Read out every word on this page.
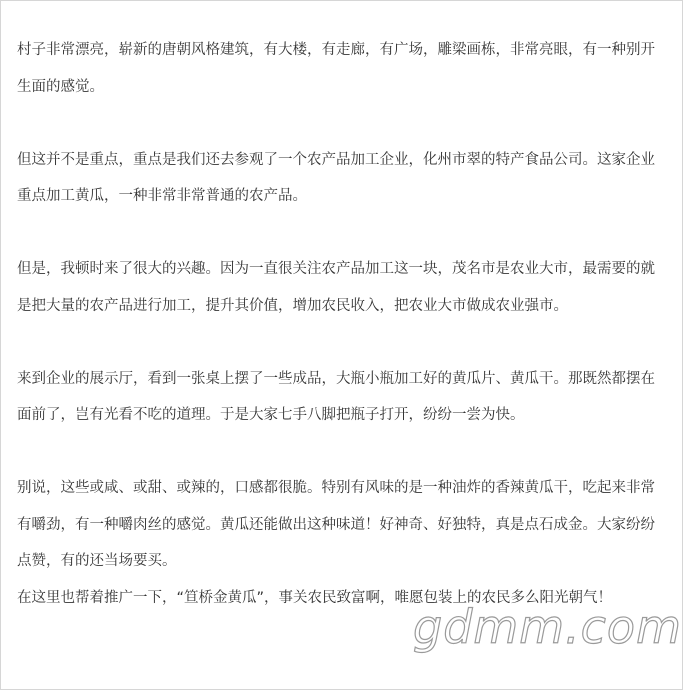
村子非常漂亮，崭新的唐朝风格建筑，有大楼，有走廊，有广场，雕梁画栋，非常亮眼，有一种别开生面的感觉。

但这并不是重点，重点是我们还去参观了一个农产品加工企业，化州市翠的特产食品公司。这家企业重点加工黄瓜，一种非常非常普通的农产品。

但是，我顿时来了很大的兴趣。因为一直很关注农产品加工这一块，茂名市是农业大市，最需要的就是把大量的农产品进行加工，提升其价值，增加农民收入，把农业大市做成农业强市。

来到企业的展示厅，看到一张桌上摆了一些成品，大瓶小瓶加工好的黄瓜片、黄瓜干。那既然都摆在面前了，岂有光看不吃的道理。于是大家七手八脚把瓶子打开，纷纷一尝为快。

别说，这些或咸、或甜、或辣的，口感都很脆。特别有风味的是一种油炸的香辣黄瓜干，吃起来非常有嚼劲，有一种嚼肉丝的感觉。黄瓜还能做出这种味道！好神奇、好独特，真是点石成金。大家纷纷点赞，有的还当场要买。

在这里也帮着推广一下，“笪桥金黄瓜”，事关农民致富啊，唯愿包装上的农民多么阳光朝气！

gdmm.com
